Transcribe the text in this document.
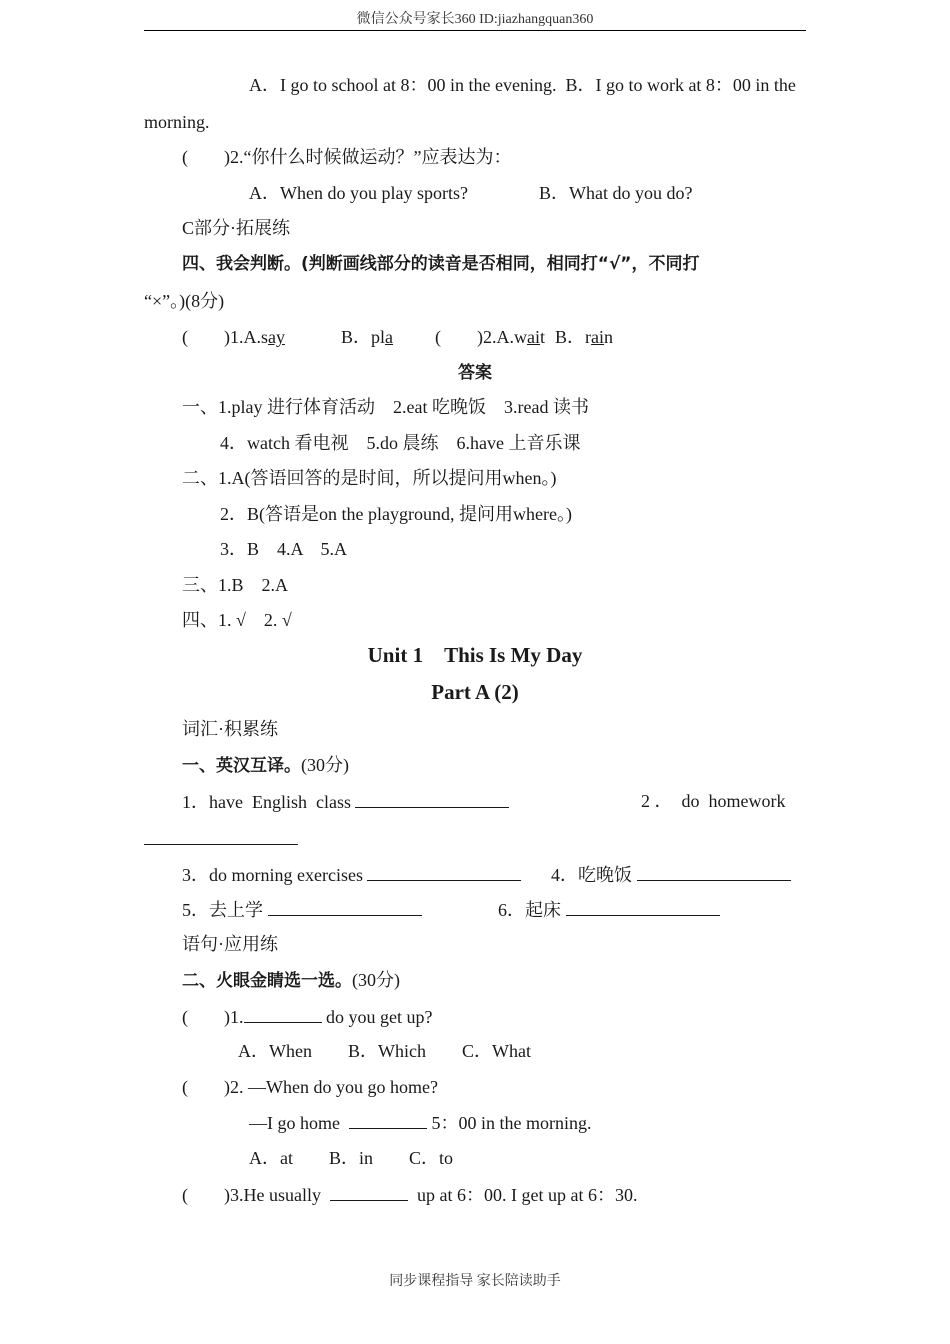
微信公众号家长360 ID:jiazhangquan360
A．I go to school at 8：00 in the evening.  B．I go to work at 8：00 in the
morning.
(　　)2.“你什么时候做运动？”应表达为：
A．When do you play sports?	B．What do you do?
C部分·拓展练
四、我会判断。(判断画线部分的读音是否相同，相同打“√”，不同打
“×”。)(8分)
(　　)1.A.say	B．pla (　　)2.A.wait B．rain
答案
一、1.play 进行体育活动　2.eat 吃晚饭　3.read 读书
4．watch 看电视　5.do 晨练　6.have 上音乐课
二、1.A(答语回答的是时间，所以提问用when。)
2．B(答语是on the playground, 提问用where。)
3．B　4.A　5.A
三、1.B　2.A
四、1. √　2. √
Unit 1　This Is My Day
Part A (2)
词汇·积累练
一、英汉互译。(30分)
1．have  English  class	2 ．  do  homework
3．do morning exercises	4．吃晚饭
5．去上学	6．起床
语句·应用练
二、火眼金睛选一选。(30分)
(　　)1.	do you get up?
A．When　　B．Which　　C．What
(　　)2. —When do you go home?
—I go home	5：00 in the morning.
A．at　　B．in　　C．to
(　　)3.He usually	up at 6：00. I get up at 6：30.
同步课程指导 家长陪读助手
